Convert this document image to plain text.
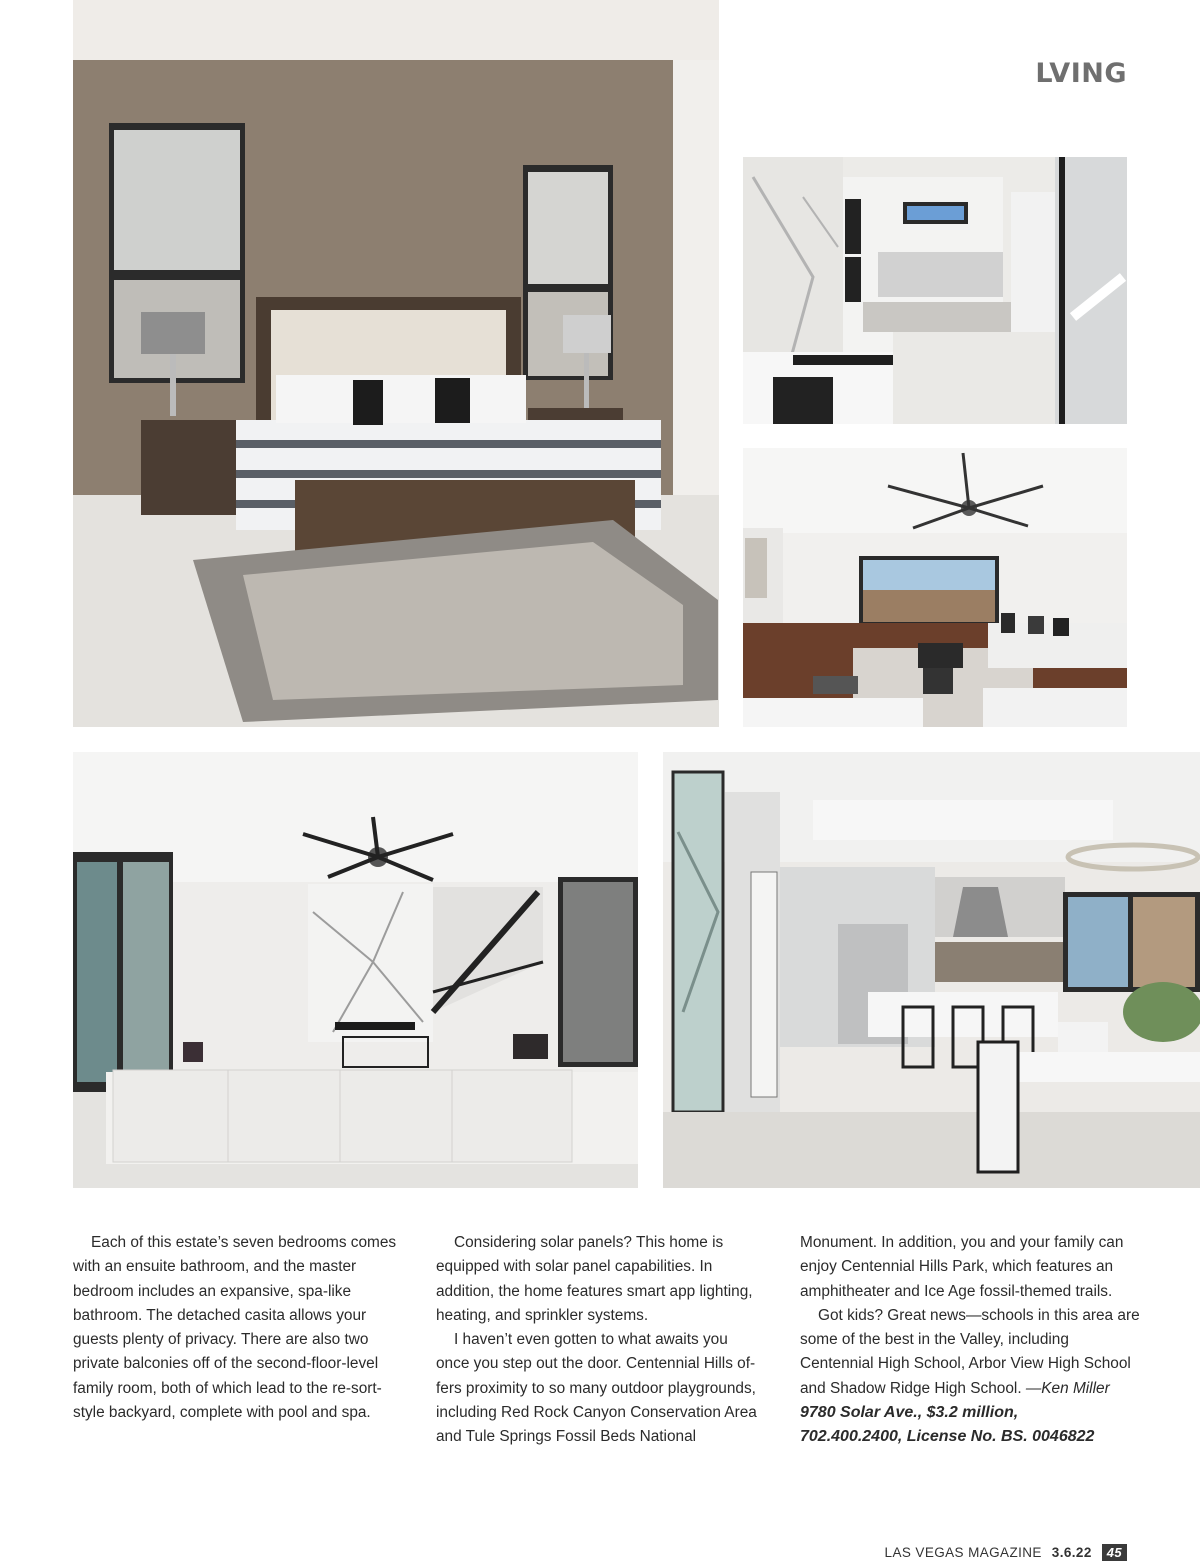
LVING

Each of this estate’s seven bedrooms comes with an ensuite bathroom, and the master bedroom includes an expansive, spa-like bathroom. The detached casita allows your guests plenty of privacy. There are also two private balconies off of the second-floor-level family room, both of which lead to the re-sort-style backyard, complete with pool and spa.

Considering solar panels? This home is equipped with solar panel capabilities. In addition, the home features smart app lighting, heating, and sprinkler systems.

I haven’t even gotten to what awaits you once you step out the door. Centennial Hills of-fers proximity to so many outdoor playgrounds, including Red Rock Canyon Conservation Area and Tule Springs Fossil Beds National

Monument. In addition, you and your family can enjoy Centennial Hills Park, which features an amphitheater and Ice Age fossil-themed trails.

Got kids? Great news—schools in this area are some of the best in the Valley, including Centennial High School, Arbor View High School and Shadow Ridge High School. —Ken Miller

9780 Solar Ave., $3.2 million,
702.400.2400, License No. BS. 0046822

LAS VEGAS MAGAZINE 3.6.22	45
